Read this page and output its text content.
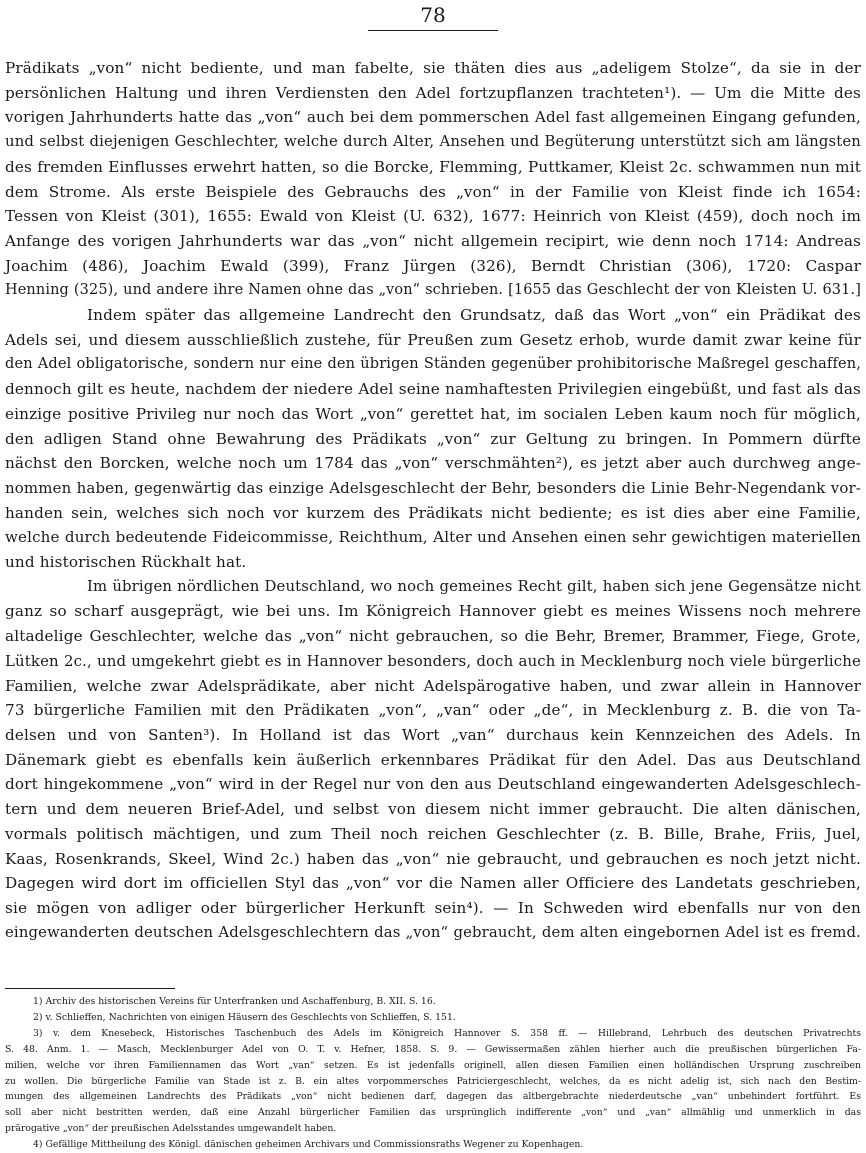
78
Prädikats „von“ nicht bediente, und man fabelte, sie thäten dies aus „adeligem Stolze“, da sie in der
persönlichen Haltung und ihren Verdiensten den Adel fortzupflanzen trachteten¹). — Um die Mitte des
vorigen Jahrhunderts hatte das „von“ auch bei dem pommerschen Adel fast allgemeinen Eingang gefunden,
und selbst diejenigen Geschlechter, welche durch Alter, Ansehen und Begüterung unterstützt sich am längsten
des fremden Einflusses erwehrt hatten, so die Borcke, Flemming, Puttkamer, Kleist 2c. schwammen nun mit
dem Strome. Als erste Beispiele des Gebrauchs des „von“ in der Familie von Kleist finde ich 1654:
Tessen von Kleist (301), 1655: Ewald von Kleist (U. 632), 1677: Heinrich von Kleist (459), doch noch im
Anfange des vorigen Jahrhunderts war das „von“ nicht allgemein recipirt, wie denn noch 1714: Andreas
Joachim (486), Joachim Ewald (399), Franz Jürgen (326), Berndt Christian (306), 1720: Caspar
Henning (325), und andere ihre Namen ohne das „von“ schrieben. [1655 das Geschlecht der von Kleisten U. 631.]
Indem später das allgemeine Landrecht den Grundsatz, daß das Wort „von“ ein Prädikat des
Adels sei, und diesem ausschließlich zustehe, für Preußen zum Gesetz erhob, wurde damit zwar keine für
den Adel obligatorische, sondern nur eine den übrigen Ständen gegenüber prohibitorische Maßregel geschaffen,
dennoch gilt es heute, nachdem der niedere Adel seine namhaftesten Privilegien eingebüßt, und fast als das
einzige positive Privileg nur noch das Wort „von“ gerettet hat, im socialen Leben kaum noch für möglich,
den adligen Stand ohne Bewahrung des Prädikats „von“ zur Geltung zu bringen. In Pommern dürfte
nächst den Borcken, welche noch um 1784 das „von“ verschmähten²), es jetzt aber auch durchweg ange-
nommen haben, gegenwärtig das einzige Adelsgeschlecht der Behr, besonders die Linie Behr-Negendank vor-
handen sein, welches sich noch vor kurzem des Prädikats nicht bediente; es ist dies aber eine Familie,
welche durch bedeutende Fideicommisse, Reichthum, Alter und Ansehen einen sehr gewichtigen materiellen
und historischen Rückhalt hat.
Im übrigen nördlichen Deutschland, wo noch gemeines Recht gilt, haben sich jene Gegensätze nicht
ganz so scharf ausgeprägt, wie bei uns. Im Königreich Hannover giebt es meines Wissens noch mehrere
altadelige Geschlechter, welche das „von“ nicht gebrauchen, so die Behr, Bremer, Brammer, Fiege, Grote,
Lütken 2c., und umgekehrt giebt es in Hannover besonders, doch auch in Mecklenburg noch viele bürgerliche
Familien, welche zwar Adelsprädikate, aber nicht Adelspärogative haben, und zwar allein in Hannover
73 bürgerliche Familien mit den Prädikaten „von“, „van“ oder „de“, in Mecklenburg z. B. die von Ta-
delsen und von Santen³). In Holland ist das Wort „van“ durchaus kein Kennzeichen des Adels. In
Dänemark giebt es ebenfalls kein äußerlich erkennbares Prädikat für den Adel. Das aus Deutschland
dort hingekommene „von“ wird in der Regel nur von den aus Deutschland eingewanderten Adelsgeschlech-
tern und dem neueren Brief-Adel, und selbst von diesem nicht immer gebraucht. Die alten dänischen,
vormals politisch mächtigen, und zum Theil noch reichen Geschlechter (z. B. Bille, Brahe, Friis, Juel,
Kaas, Rosenkrands, Skeel, Wind 2c.) haben das „von“ nie gebraucht, und gebrauchen es noch jetzt nicht.
Dagegen wird dort im officiellen Styl das „von“ vor die Namen aller Officiere des Landetats geschrieben,
sie mögen von adliger oder bürgerlicher Herkunft sein⁴). — In Schweden wird ebenfalls nur von den
eingewanderten deutschen Adelsgeschlechtern das „von“ gebraucht, dem alten eingebornen Adel ist es fremd.
1) Archiv des historischen Vereins für Unterfranken und Aschaffenburg, B. XII. S. 16.
2) v. Schlieffen, Nachrichten von einigen Häusern des Geschlechts von Schlieffen, S. 151.
3) v. dem Knesebeck, Historisches Taschenbuch des Adels im Königreich Hannover S. 358 ff. — Hillebrand, Lehrbuch des deutschen Privatrechts
S. 48. Anm. 1. — Masch, Mecklenburger Adel von O. T. v. Hefner, 1858. S. 9. — Gewissermaßen zählen hierher auch die preußischen bürgerlichen Fa-
milien, welche vor ihren Familiennamen das Wort „van“ setzen. Es ist jedenfalls originell, allen diesen Familien einen holländischen Ursprung zuschreiben
zu wollen. Die bürgerliche Familie van Stade ist z. B. ein altes vorpommersches Patriciergeschlecht, welches, da es nicht adelig ist, sich nach den Bestim-
mungen des allgemeinen Landrechts des Prädikats „von“ nicht bedienen darf, dagegen das altbergebrachte niederdeutsche „van“ unbehindert fortführt. Es
soll aber nicht bestritten werden, daß eine Anzahl bürgerlicher Familien das ursprünglich indifferente „von“ und „van“ allmählig und unmerklich in das
prärogative „von“ der preußischen Adelsstandes umgewandelt haben.
4) Gefällige Mittheilung des Königl. dänischen geheimen Archivars und Commissionsraths Wegener zu Kopenhagen.
